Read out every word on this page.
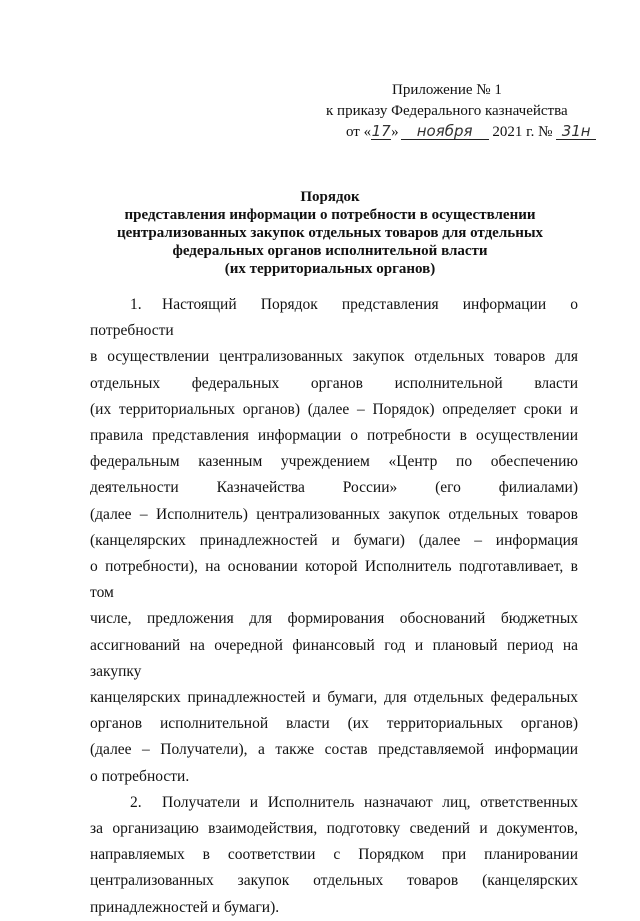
Приложение № 1
к приказу Федерального казначейства
от «17» ноября 2021 г. № 31н
Порядок
представления информации о потребности в осуществлении
централизованных закупок отдельных товаров для отдельных
федеральных органов исполнительной власти
(их территориальных органов)

1. Настоящий Порядок представления информации о потребности

в осуществлении централизованных закупок отдельных товаров для

отдельных федеральных органов исполнительной власти

(их территориальных органов) (далее – Порядок) определяет сроки и

правила представления информации о потребности в осуществлении

федеральным казенным учреждением «Центр по обеспечению

деятельности Казначейства России» (его филиалами)

(далее – Исполнитель) централизованных закупок отдельных товаров

(канцелярских принадлежностей и бумаги) (далее – информация

о потребности), на основании которой Исполнитель подготавливает, в том

числе, предложения для формирования обоснований бюджетных

ассигнований на очередной финансовый год и плановый период на закупку

канцелярских принадлежностей и бумаги, для отдельных федеральных

органов исполнительной власти (их территориальных органов)

(далее – Получатели), а также состав представляемой информации

о потребности.

2. Получатели и Исполнитель назначают лиц, ответственных

за организацию взаимодействия, подготовку сведений и документов,

направляемых в соответствии с Порядком при планировании

централизованных закупок отдельных товаров (канцелярских

принадлежностей и бумаги).
